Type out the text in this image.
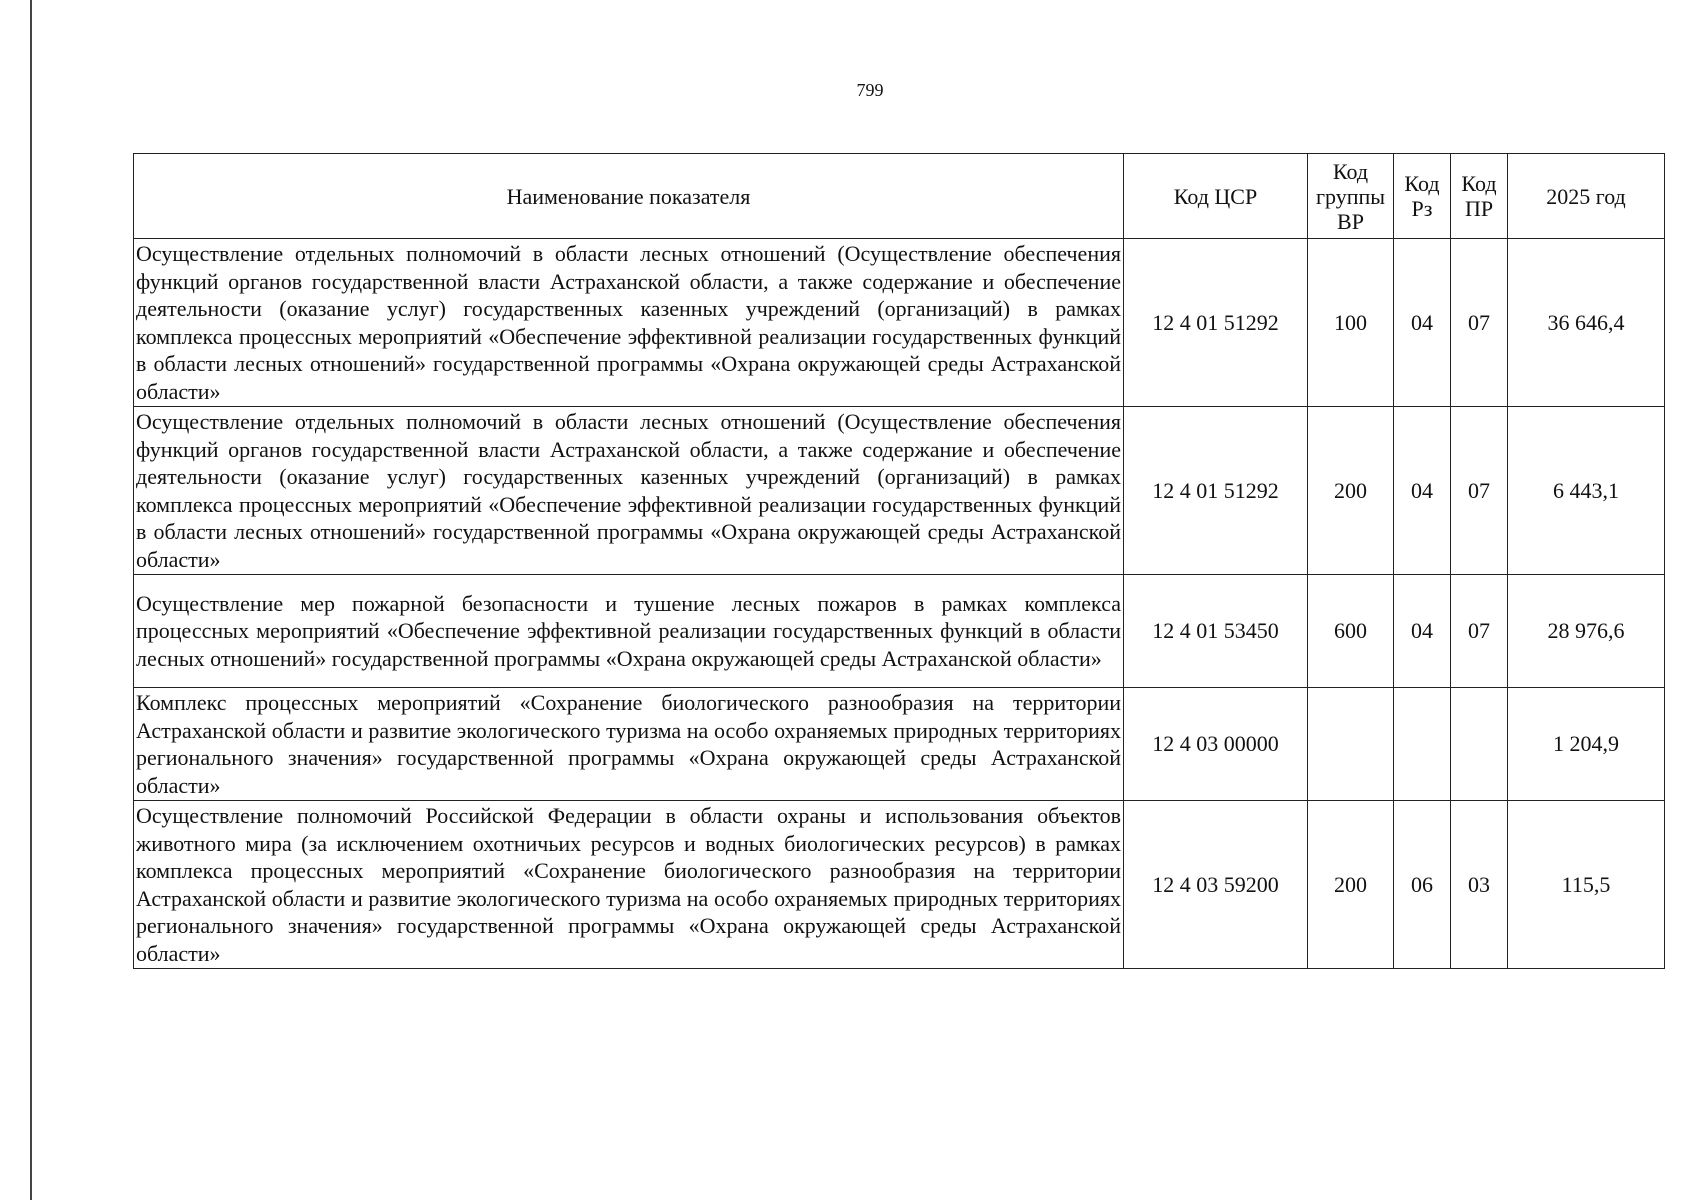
799
Наименование показателя	Код ЦСР	Код группы ВР	Код Рз	Код ПР	2025 год
Осуществление отдельных полномочий в области лесных отношений (Осуществление обеспечения функций органов государственной власти Астраханской области, а также содержание и обеспечение деятельности (оказание услуг) государственных казенных учреждений (организаций) в рамках комплекса процессных мероприятий «Обеспечение эффективной реализации государственных функций в области лесных отношений» государственной программы «Охрана окружающей среды Астраханской области»	12 4 01 51292	100	04	07	36 646,4
Осуществление отдельных полномочий в области лесных отношений (Осуществление обеспечения функций органов государственной власти Астраханской области, а также содержание и обеспечение деятельности (оказание услуг) государственных казенных учреждений (организаций) в рамках комплекса процессных мероприятий «Обеспечение эффективной реализации государственных функций в области лесных отношений» государственной программы «Охрана окружающей среды Астраханской области»	12 4 01 51292	200	04	07	6 443,1
Осуществление мер пожарной безопасности и тушение лесных пожаров в рамках комплекса процессных мероприятий «Обеспечение эффективной реализации государственных функций в области лесных отношений» государственной программы «Охрана окружающей среды Астраханской области»	12 4 01 53450	600	04	07	28 976,6
Комплекс процессных мероприятий «Сохранение биологического разнообразия на территории Астраханской области и развитие экологического туризма на особо охраняемых природных территориях регионального значения» государственной программы «Охрана окружающей среды Астраханской области»	12 4 03 00000				1 204,9
Осуществление полномочий Российской Федерации в области охраны и использования объектов животного мира (за исключением охотничьих ресурсов и водных биологических ресурсов) в рамках комплекса процессных мероприятий «Сохранение биологического разнообразия на территории Астраханской области и развитие экологического туризма на особо охраняемых природных территориях регионального значения» государственной программы «Охрана окружающей среды Астраханской области»	12 4 03 59200	200	06	03	115,5
